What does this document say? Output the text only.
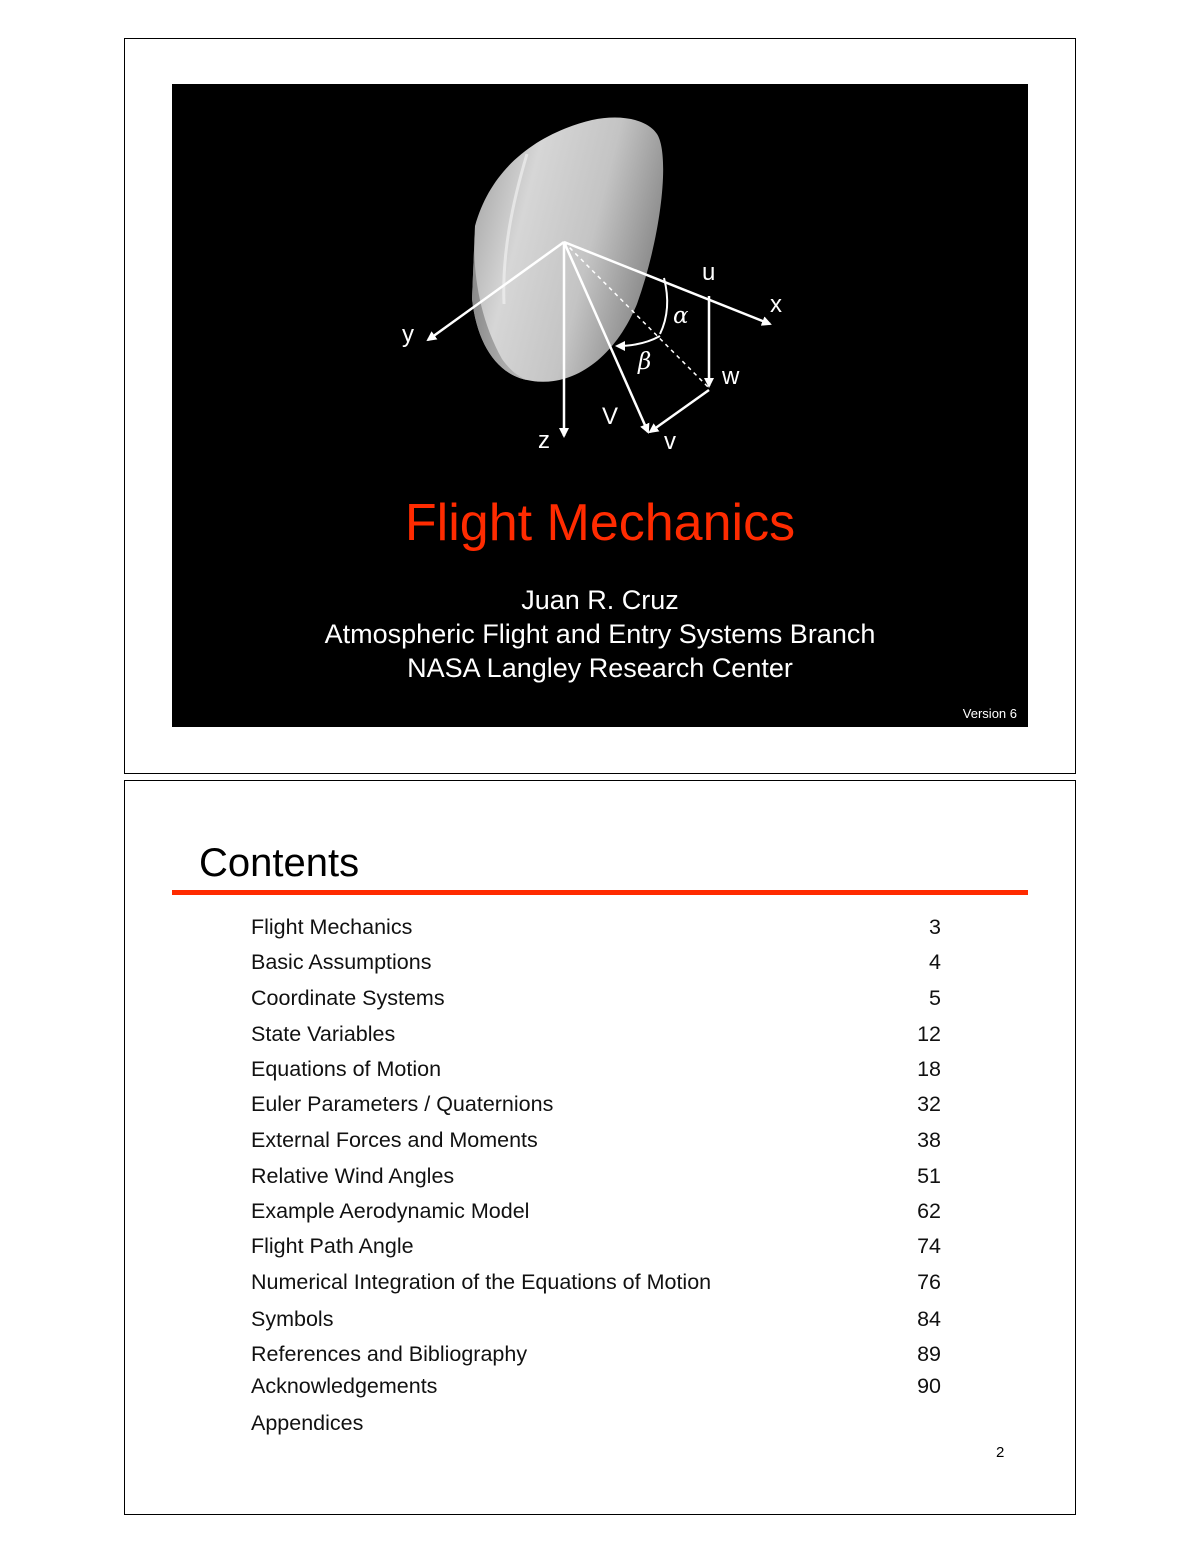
u
x
y
z
w
v
V
α
β
Flight Mechanics
Juan R. Cruz
Atmospheric Flight and Entry Systems Branch
NASA Langley Research Center
Version 6
Contents
Flight Mechanics	3
Basic Assumptions	4
Coordinate Systems	5
State Variables	12
Equations of Motion	18
Euler Parameters / Quaternions	32
External Forces and Moments	38
Relative Wind Angles	51
Example Aerodynamic Model	62
Flight Path Angle	74
Numerical Integration of the Equations of Motion	76
Symbols	84
References and Bibliography	89
Acknowledgements	90
Appendices
2
